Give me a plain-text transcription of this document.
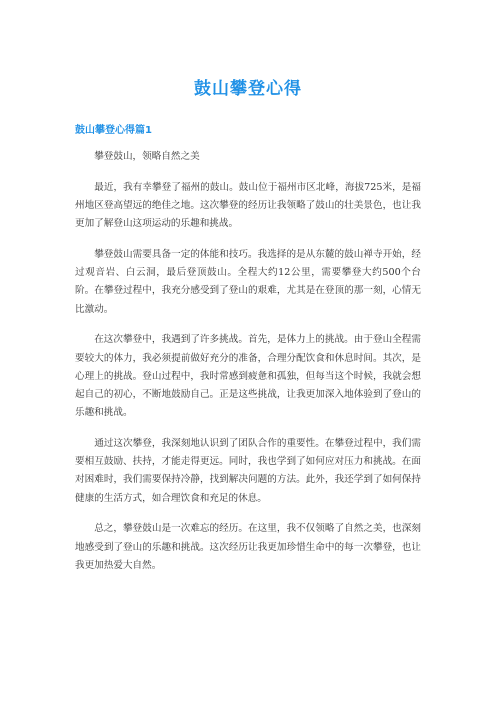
鼓山攀登心得
鼓山攀登心得篇1

攀登鼓山，领略自然之美

最近，我有幸攀登了福州的鼓山。鼓山位于福州市区北峰，海拔725米，是福州地区登高望远的绝佳之地。这次攀登的经历让我领略了鼓山的壮美景色，也让我更加了解登山这项运动的乐趣和挑战。

攀登鼓山需要具备一定的体能和技巧。我选择的是从东麓的鼓山禅寺开始，经过观音岩、白云洞，最后登顶鼓山。全程大约12公里，需要攀登大约500个台阶。在攀登过程中，我充分感受到了登山的艰难，尤其是在登顶的那一刻，心情无比激动。

在这次攀登中，我遇到了许多挑战。首先，是体力上的挑战。由于登山全程需要较大的体力，我必须提前做好充分的准备，合理分配饮食和休息时间。其次，是心理上的挑战。登山过程中，我时常感到疲惫和孤独，但每当这个时候，我就会想起自己的初心，不断地鼓励自己。正是这些挑战，让我更加深入地体验到了登山的乐趣和挑战。

通过这次攀登，我深刻地认识到了团队合作的重要性。在攀登过程中，我们需要相互鼓励、扶持，才能走得更远。同时，我也学到了如何应对压力和挑战。在面对困难时，我们需要保持冷静，找到解决问题的方法。此外，我还学到了如何保持健康的生活方式，如合理饮食和充足的休息。

总之，攀登鼓山是一次难忘的经历。在这里，我不仅领略了自然之美，也深刻地感受到了登山的乐趣和挑战。这次经历让我更加珍惜生命中的每一次攀登，也让我更加热爱大自然。
